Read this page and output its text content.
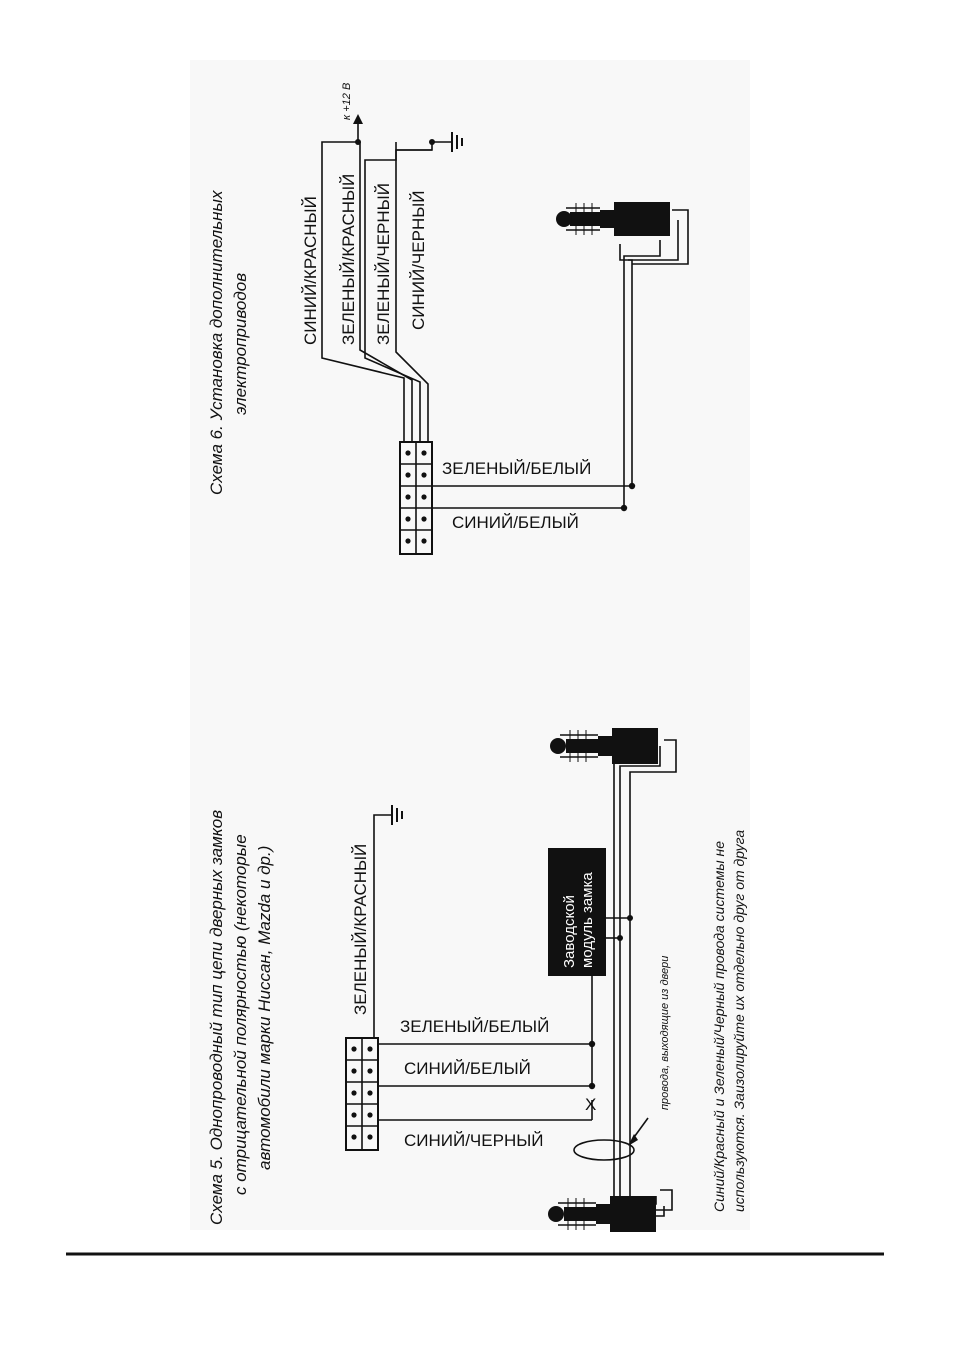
Схема 6. Установка дополнительных электроприводов
к +12 В
СИНИЙ/КРАСНЫЙ ЗЕЛЕНЫЙ/КРАСНЫЙ ЗЕЛЕНЫЙ/ЧЕРНЫЙ СИНИЙ/ЧЕРНЫЙ
ЗЕЛЕНЫЙ/БЕЛЫЙ
СИНИЙ/БЕЛЫЙ
Схема 5. Однопроводный тип цепи дверных замков с отрицательной полярностью (некоторые автомобили марки Ниссан, Mazda и др.)	ЗЕЛЕНЫЙ/КРАСНЫЙ
ЗЕЛЕНЫЙ/БЕЛЫЙ
СИНИЙ/БЕЛЫЙ
СИНИЙ/ЧЕРНЫЙ
X
Заводской модуль замка
провода, выходящие из двери	Синий/Красный и Зеленый/Черный провода системы не используются. Заизолируйте их отдельно друг от друга
